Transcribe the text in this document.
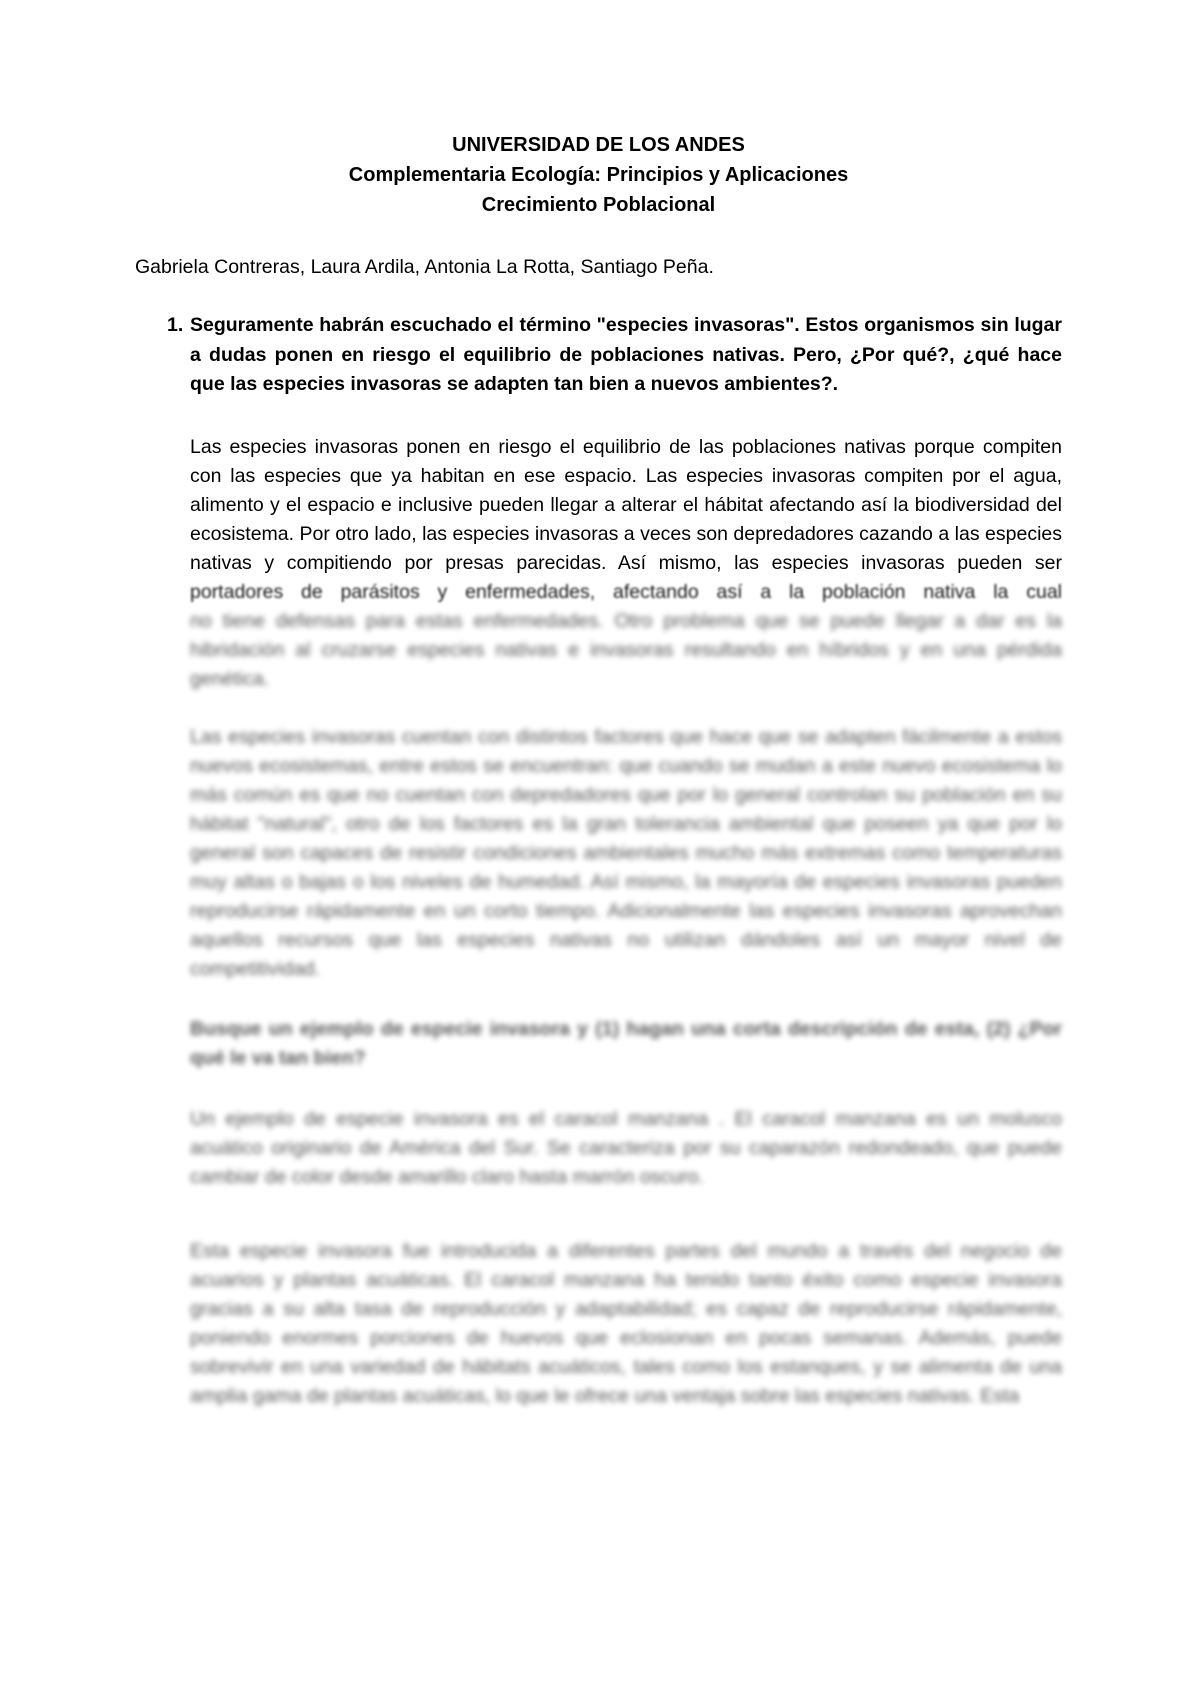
UNIVERSIDAD DE LOS ANDES
Complementaria Ecología: Principios y Aplicaciones
Crecimiento Poblacional
Gabriela Contreras, Laura Ardila, Antonia La Rotta, Santiago Peña.
1. Seguramente habrán escuchado el término "especies invasoras". Estos organismos sin lugar a dudas ponen en riesgo el equilibrio de poblaciones nativas. Pero, ¿Por qué?, ¿qué hace que las especies invasoras se adapten tan bien a nuevos ambientes?.

Las especies invasoras ponen en riesgo el equilibrio de las poblaciones nativas porque compiten con las especies que ya habitan en ese espacio. Las especies invasoras compiten por el agua, alimento y el espacio e inclusive pueden llegar a alterar el hábitat afectando así la biodiversidad del ecosistema. Por otro lado, las especies invasoras a veces son depredadores cazando a las especies nativas y compitiendo por presas parecidas. Así mismo, las especies invasoras pueden ser

portadores de parásitos y enfermedades, afectando así a la población nativa la cual

no tiene defensas para estas enfermedades. Otro problema que se puede llegar a dar es la hibridación al cruzarse especies nativas e invasoras resultando en híbridos y en una pérdida genética.

Las especies invasoras cuentan con distintos factores que hace que se adapten fácilmente a estos nuevos ecosistemas, entre estos se encuentran: que cuando se mudan a este nuevo ecosistema lo más común es que no cuentan con depredadores que por lo general controlan su población en su hábitat "natural", otro de los factores es la gran tolerancia ambiental que poseen ya que por lo general son capaces de resistir condiciones ambientales mucho más extremas como temperaturas muy altas o bajas o los niveles de humedad. Así mismo, la mayoría de especies invasoras pueden reproducirse rápidamente en un corto tiempo. Adicionalmente las especies invasoras aprovechan aquellos recursos que las especies nativas no utilizan dándoles así un mayor nivel de competitividad.
Busque un ejemplo de especie invasora y (1) hagan una corta descripción de esta, (2) ¿Por qué le va tan bien?
Un ejemplo de especie invasora es el caracol manzana . El caracol manzana es un molusco acuático originario de América del Sur. Se caracteriza por su caparazón redondeado, que puede cambiar de color desde amarillo claro hasta marrón oscuro.
Esta especie invasora fue introducida a diferentes partes del mundo a través del negocio de acuarios y plantas acuáticas. El caracol manzana ha tenido tanto éxito como especie invasora gracias a su alta tasa de reproducción y adaptabilidad; es capaz de reproducirse rápidamente, poniendo enormes porciones de huevos que eclosionan en pocas semanas. Además, puede sobrevivir en una variedad de hábitats acuáticos, tales como los estanques, y se alimenta de una amplia gama de plantas acuáticas, lo que le ofrece una ventaja sobre las especies nativas. Esta
